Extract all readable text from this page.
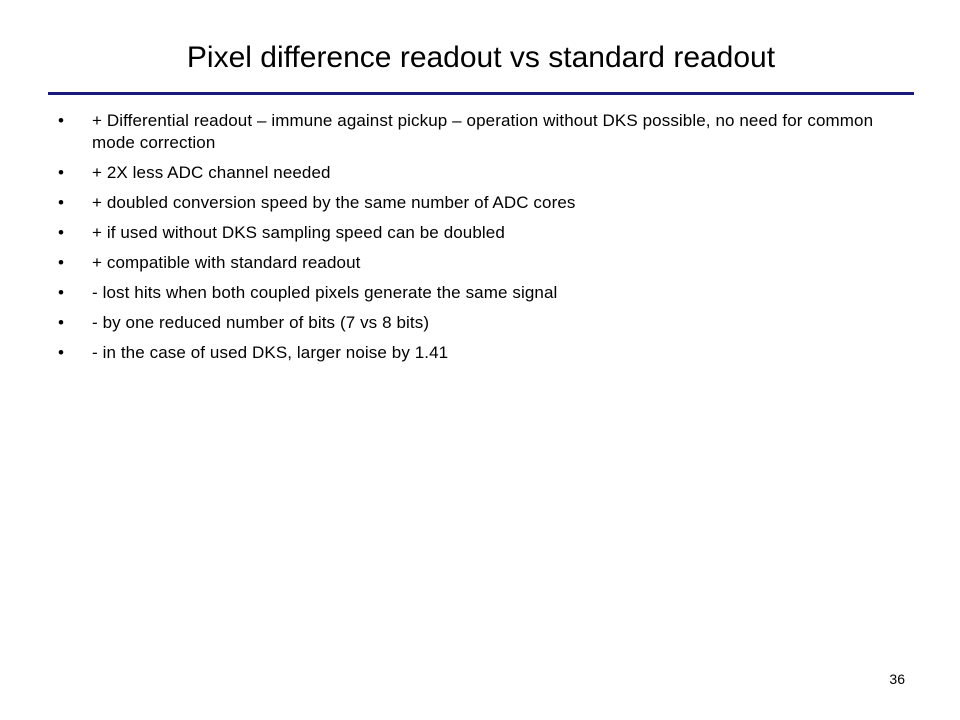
Pixel difference readout vs standard readout
•	+ Differential readout – immune against pickup – operation without DKS possible, no need for common mode correction
•	+ 2X less ADC channel needed
•	+ doubled conversion speed by the same number of ADC cores
•	+ if used without DKS sampling speed can be doubled
•	+ compatible with standard readout
•	- lost hits when both coupled pixels generate the same signal
•	- by one reduced number of bits (7 vs 8 bits)
•	- in the case of used DKS, larger noise by 1.41
36
